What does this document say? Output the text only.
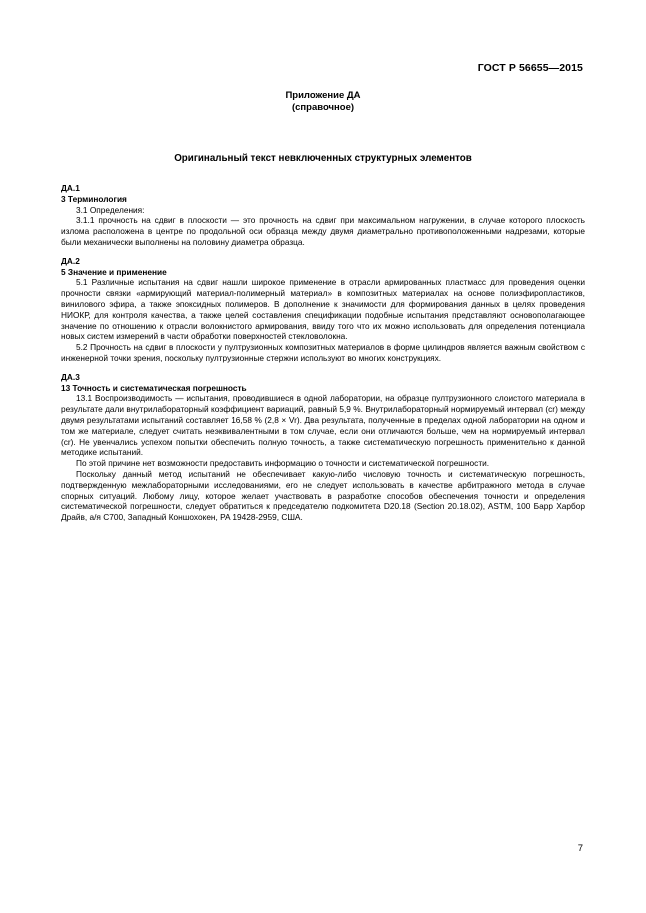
ГОСТ Р 56655—2015
Приложение ДА
(справочное)
Оригинальный текст невключенных структурных элементов
ДА.1
3 Терминология

3.1 Определения:

3.1.1 прочность на сдвиг в плоскости — это прочность на сдвиг при максимальном нагружении, в случае которого плоскость излома расположена в центре по продольной оси образца между двумя диаметрально противоположенными надрезами, которые были механически выполнены на половину диаметра образца.

ДА.2
5 Значение и применение

5.1 Различные испытания на сдвиг нашли широкое применение в отрасли армированных пластмасс для проведения оценки прочности связки «армирующий материал-полимерный материал» в композитных материалах на основе полиэфиропластиков, винилового эфира, а также эпоксидных полимеров. В дополнение к значимости для формирования данных в целях проведения НИОКР, для контроля качества, а также целей составления спецификации подобные испытания представляют основополагающее значение по отношению к отрасли волокнистого армирования, ввиду того что их можно использовать для определения потенциала новых систем измерений в части обработки поверхностей стекловолокна.

5.2 Прочность на сдвиг в плоскости у пултрузионных композитных материалов в форме цилиндров является важным свойством с инженерной точки зрения, поскольку пултрузионные стержни используют во многих конструкциях.

ДА.3
13 Точность и систематическая погрешность

13.1 Воспроизводимость — испытания, проводившиеся в одной лаборатории, на образце пултрузионного слоистого материала в результате дали внутрилабораторный коэффициент вариаций, равный 5,9 %. Внутрилабораторный нормируемый интервал (cr) между двумя результатами испытаний составляет 16,58 % (2,8 × Vr). Два результата, полученные в пределах одной лаборатории на одном и том же материале, следует считать неэквивалентными в том случае, если они отличаются больше, чем на нормируемый интервал (cr). Не увенчались успехом попытки обеспечить полную точность, а также систематическую погрешность применительно к данной методике испытаний.

По этой причине нет возможности предоставить информацию о точности и систематической погрешности.

Поскольку данный метод испытаний не обеспечивает какую-либо числовую точность и систематическую погрешность, подтвержденную межлабораторными исследованиями, его не следует использовать в качестве арбитражного метода в случае спорных ситуаций. Любому лицу, которое желает участвовать в разработке способов обеспечения точности и определения систематической погрешности, следует обратиться к председателю подкомитета D20.18 (Section 20.18.02), ASTM, 100 Барр Харбор Драйв, а/я C700, Западный Коншохокен, PA 19428-2959, США.

7
